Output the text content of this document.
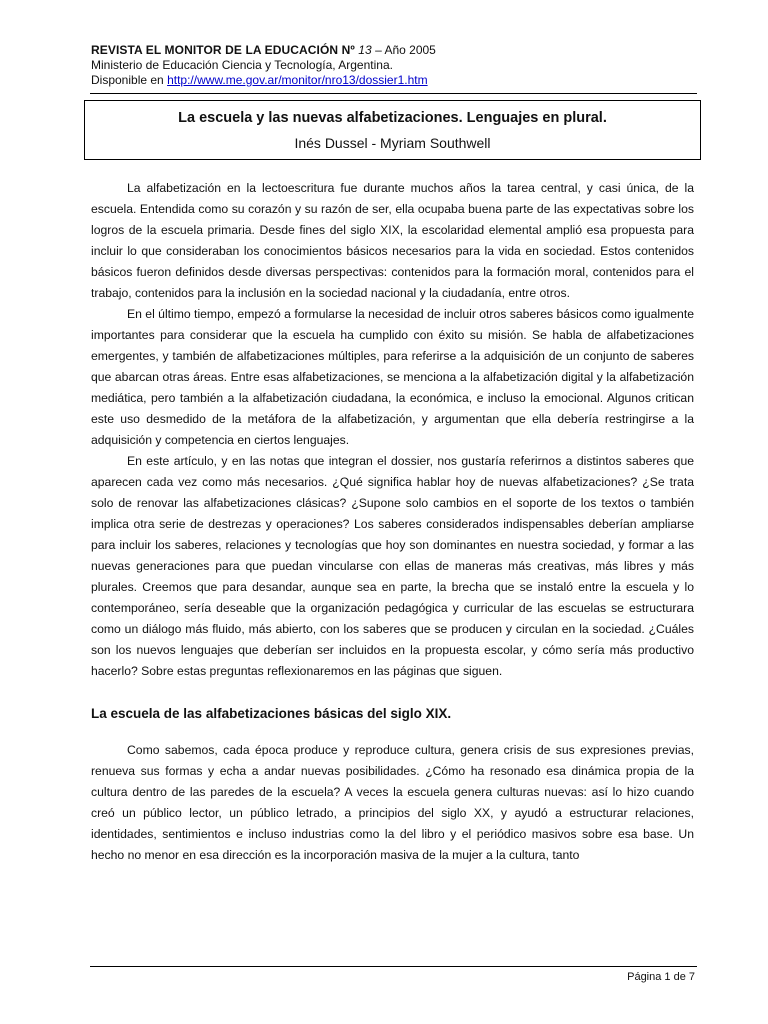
REVISTA EL MONITOR DE LA EDUCACIÓN Nº 13 – Año 2005
Ministerio de Educación Ciencia y Tecnología, Argentina.
Disponible en http://www.me.gov.ar/monitor/nro13/dossier1.htm
La escuela y las nuevas alfabetizaciones. Lenguajes en plural.
Inés Dussel - Myriam Southwell

La alfabetización en la lectoescritura fue durante muchos años la tarea central, y casi única, de la escuela. Entendida como su corazón y su razón de ser, ella ocupaba buena parte de las expectativas sobre los logros de la escuela primaria. Desde fines del siglo XIX, la escolaridad elemental amplió esa propuesta para incluir lo que consideraban los conocimientos básicos necesarios para la vida en sociedad. Estos contenidos básicos fueron definidos desde diversas perspectivas: contenidos para la formación moral, contenidos para el trabajo, contenidos para la inclusión en la sociedad nacional y la ciudadanía, entre otros.

En el último tiempo, empezó a formularse la necesidad de incluir otros saberes básicos como igualmente importantes para considerar que la escuela ha cumplido con éxito su misión. Se habla de alfabetizaciones emergentes, y también de alfabetizaciones múltiples, para referirse a la adquisición de un conjunto de saberes que abarcan otras áreas. Entre esas alfabetizaciones, se menciona a la alfabetización digital y la alfabetización mediática, pero también a la alfabetización ciudadana, la económica, e incluso la emocional. Algunos critican este uso desmedido de la metáfora de la alfabetización, y argumentan que ella debería restringirse a la adquisición y competencia en ciertos lenguajes.

En este artículo, y en las notas que integran el dossier, nos gustaría referirnos a distintos saberes que aparecen cada vez como más necesarios. ¿Qué significa hablar hoy de nuevas alfabetizaciones? ¿Se trata solo de renovar las alfabetizaciones clásicas? ¿Supone solo cambios en el soporte de los textos o también implica otra serie de destrezas y operaciones? Los saberes considerados indispensables deberían ampliarse para incluir los saberes, relaciones y tecnologías que hoy son dominantes en nuestra sociedad, y formar a las nuevas generaciones para que puedan vincularse con ellas de maneras más creativas, más libres y más plurales. Creemos que para desandar, aunque sea en parte, la brecha que se instaló entre la escuela y lo contemporáneo, sería deseable que la organización pedagógica y curricular de las escuelas se estructurara como un diálogo más fluido, más abierto, con los saberes que se producen y circulan en la sociedad. ¿Cuáles son los nuevos lenguajes que deberían ser incluidos en la propuesta escolar, y cómo sería más productivo hacerlo? Sobre estas preguntas reflexionaremos en las páginas que siguen.

La escuela de las alfabetizaciones básicas del siglo XIX.

Como sabemos, cada época produce y reproduce cultura, genera crisis de sus expresiones previas, renueva sus formas y echa a andar nuevas posibilidades. ¿Cómo ha resonado esa dinámica propia de la cultura dentro de las paredes de la escuela? A veces la escuela genera culturas nuevas: así lo hizo cuando creó un público lector, un público letrado, a principios del siglo XX, y ayudó a estructurar relaciones, identidades, sentimientos e incluso industrias como la del libro y el periódico masivos sobre esa base. Un hecho no menor en esa dirección es la incorporación masiva de la mujer a la cultura, tanto

Página 1 de 7
